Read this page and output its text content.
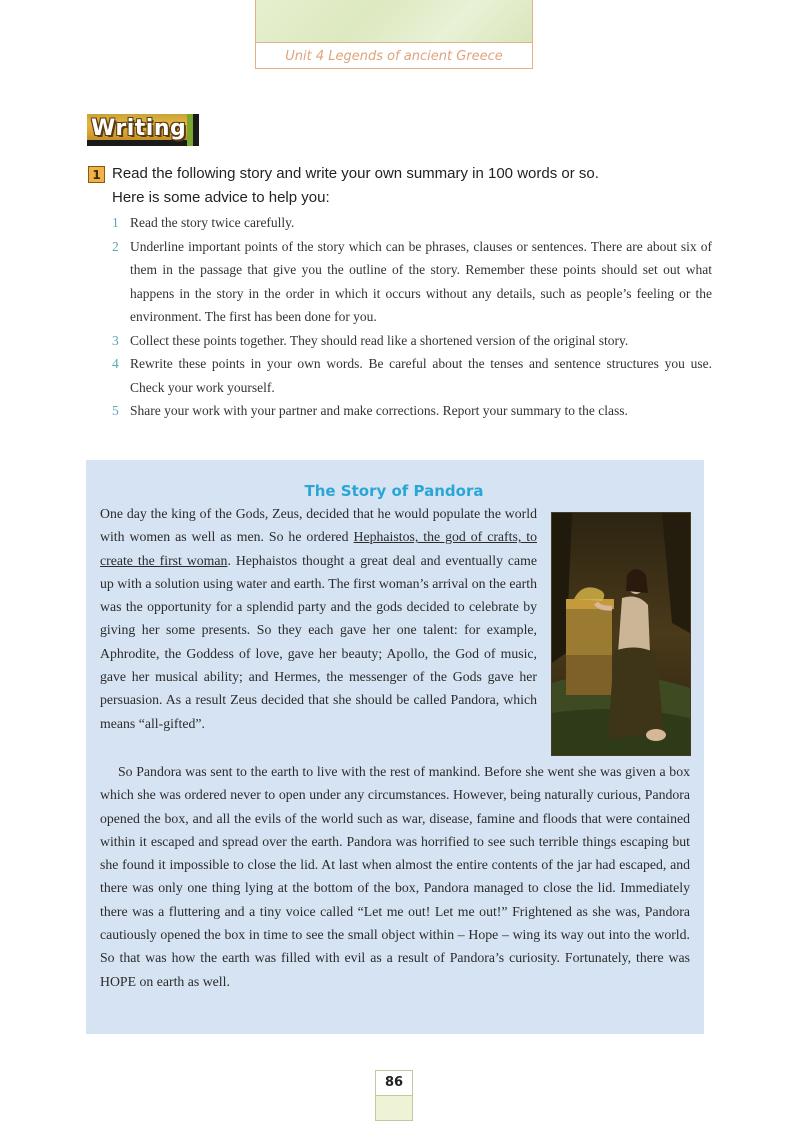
Unit 4 Legends of ancient Greece
Writing
1 Read the following story and write your own summary in 100 words or so.
Here is some advice to help you:
1 Read the story twice carefully.
2 Underline important points of the story which can be phrases, clauses or sentences. There are about six of them in the passage that give you the outline of the story. Remember these points should set out what happens in the story in the order in which it occurs without any details, such as people’s feeling or the environment. The first has been done for you.
3 Collect these points together. They should read like a shortened version of the original story.
4 Rewrite these points in your own words. Be careful about the tenses and sentence structures you use. Check your work yourself.
5 Share your work with your partner and make corrections. Report your summary to the class.
The Story of Pandora
One day the king of the Gods, Zeus, decided that he would populate the world with women as well as men. So he ordered Hephaistos, the god of crafts, to create the first woman. Hephaistos thought a great deal and eventually came up with a solution using water and earth. The first woman’s arrival on the earth was the opportunity for a splendid party and the gods decided to celebrate by giving her some presents. So they each gave her one talent: for example, Aphrodite, the Goddess of love, gave her beauty; Apollo, the God of music, gave her musical ability; and Hermes, the messenger of the Gods gave her persuasion. As a result Zeus decided that she should be called Pandora, which means “all-gifted”.
So Pandora was sent to the earth to live with the rest of mankind. Before she went she was given a box which she was ordered never to open under any circumstances. However, being naturally curious, Pandora opened the box, and all the evils of the world such as war, disease, famine and floods that were contained within it escaped and spread over the earth. Pandora was horrified to see such terrible things escaping but she found it impossible to close the lid. At last when almost the entire contents of the jar had escaped, and there was only one thing lying at the bottom of the box, Pandora managed to close the lid. Immediately there was a fluttering and a tiny voice called “Let me out! Let me out!” Frightened as she was, Pandora cautiously opened the box in time to see the small object within – Hope – wing its way out into the world. So that was how the earth was filled with evil as a result of Pandora’s curiosity. Fortunately, there was HOPE on earth as well.
86
